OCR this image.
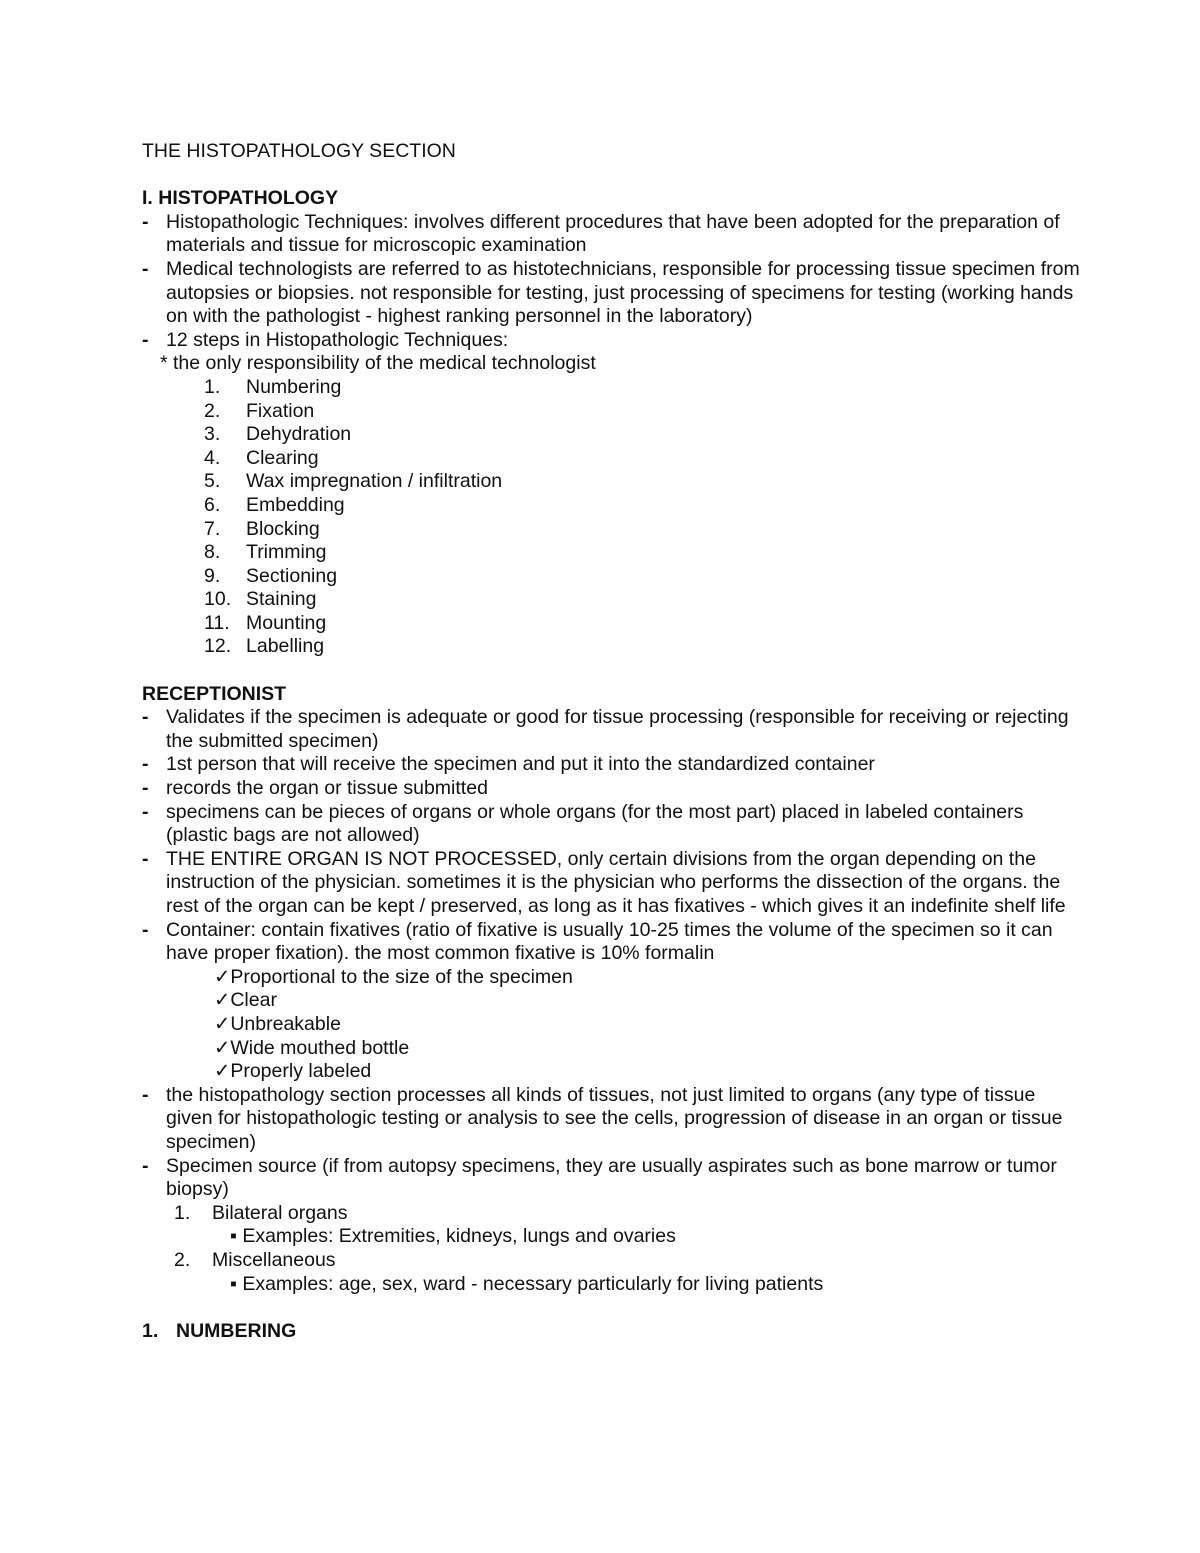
THE HISTOPATHOLOGY SECTION

I. HISTOPATHOLOGY

- Histopathologic Techniques: involves different procedures that have been adopted for the preparation of materials and tissue for microscopic examination
- Medical technologists are referred to as histotechnicians, responsible for processing tissue specimen from autopsies or biopsies. not responsible for testing, just processing of specimens for testing (working hands on with the pathologist - highest ranking personnel in the laboratory)
- 12 steps in Histopathologic Techniques:
* the only responsibility of the medical technologist
1. Numbering
2. Fixation
3. Dehydration
4. Clearing
5. Wax impregnation / infiltration
6. Embedding
7. Blocking
8. Trimming
9. Sectioning
10. Staining
11. Mounting
12. Labelling

RECEPTIONIST

- Validates if the specimen is adequate or good for tissue processing (responsible for receiving or rejecting the submitted specimen)
- 1st person that will receive the specimen and put it into the standardized container
- records the organ or tissue submitted
- specimens can be pieces of organs or whole organs (for the most part) placed in labeled containers (plastic bags are not allowed)
- THE ENTIRE ORGAN IS NOT PROCESSED, only certain divisions from the organ depending on the instruction of the physician. sometimes it is the physician who performs the dissection of the organs. the rest of the organ can be kept / preserved, as long as it has fixatives - which gives it an indefinite shelf life
- Container: contain fixatives (ratio of fixative is usually 10-25 times the volume of the specimen so it can have proper fixation). the most common fixative is 10% formalin
✓Proportional to the size of the specimen
✓Clear
✓Unbreakable
✓Wide mouthed bottle
✓Properly labeled
- the histopathology section processes all kinds of tissues, not just limited to organs (any type of tissue given for histopathologic testing or analysis to see the cells, progression of disease in an organ or tissue specimen)
- Specimen source (if from autopsy specimens, they are usually aspirates such as bone marrow or tumor biopsy)
1. Bilateral organs
▪ Examples: Extremities, kidneys, lungs and ovaries
2. Miscellaneous
▪ Examples: age, sex, ward - necessary particularly for living patients

1. NUMBERING
